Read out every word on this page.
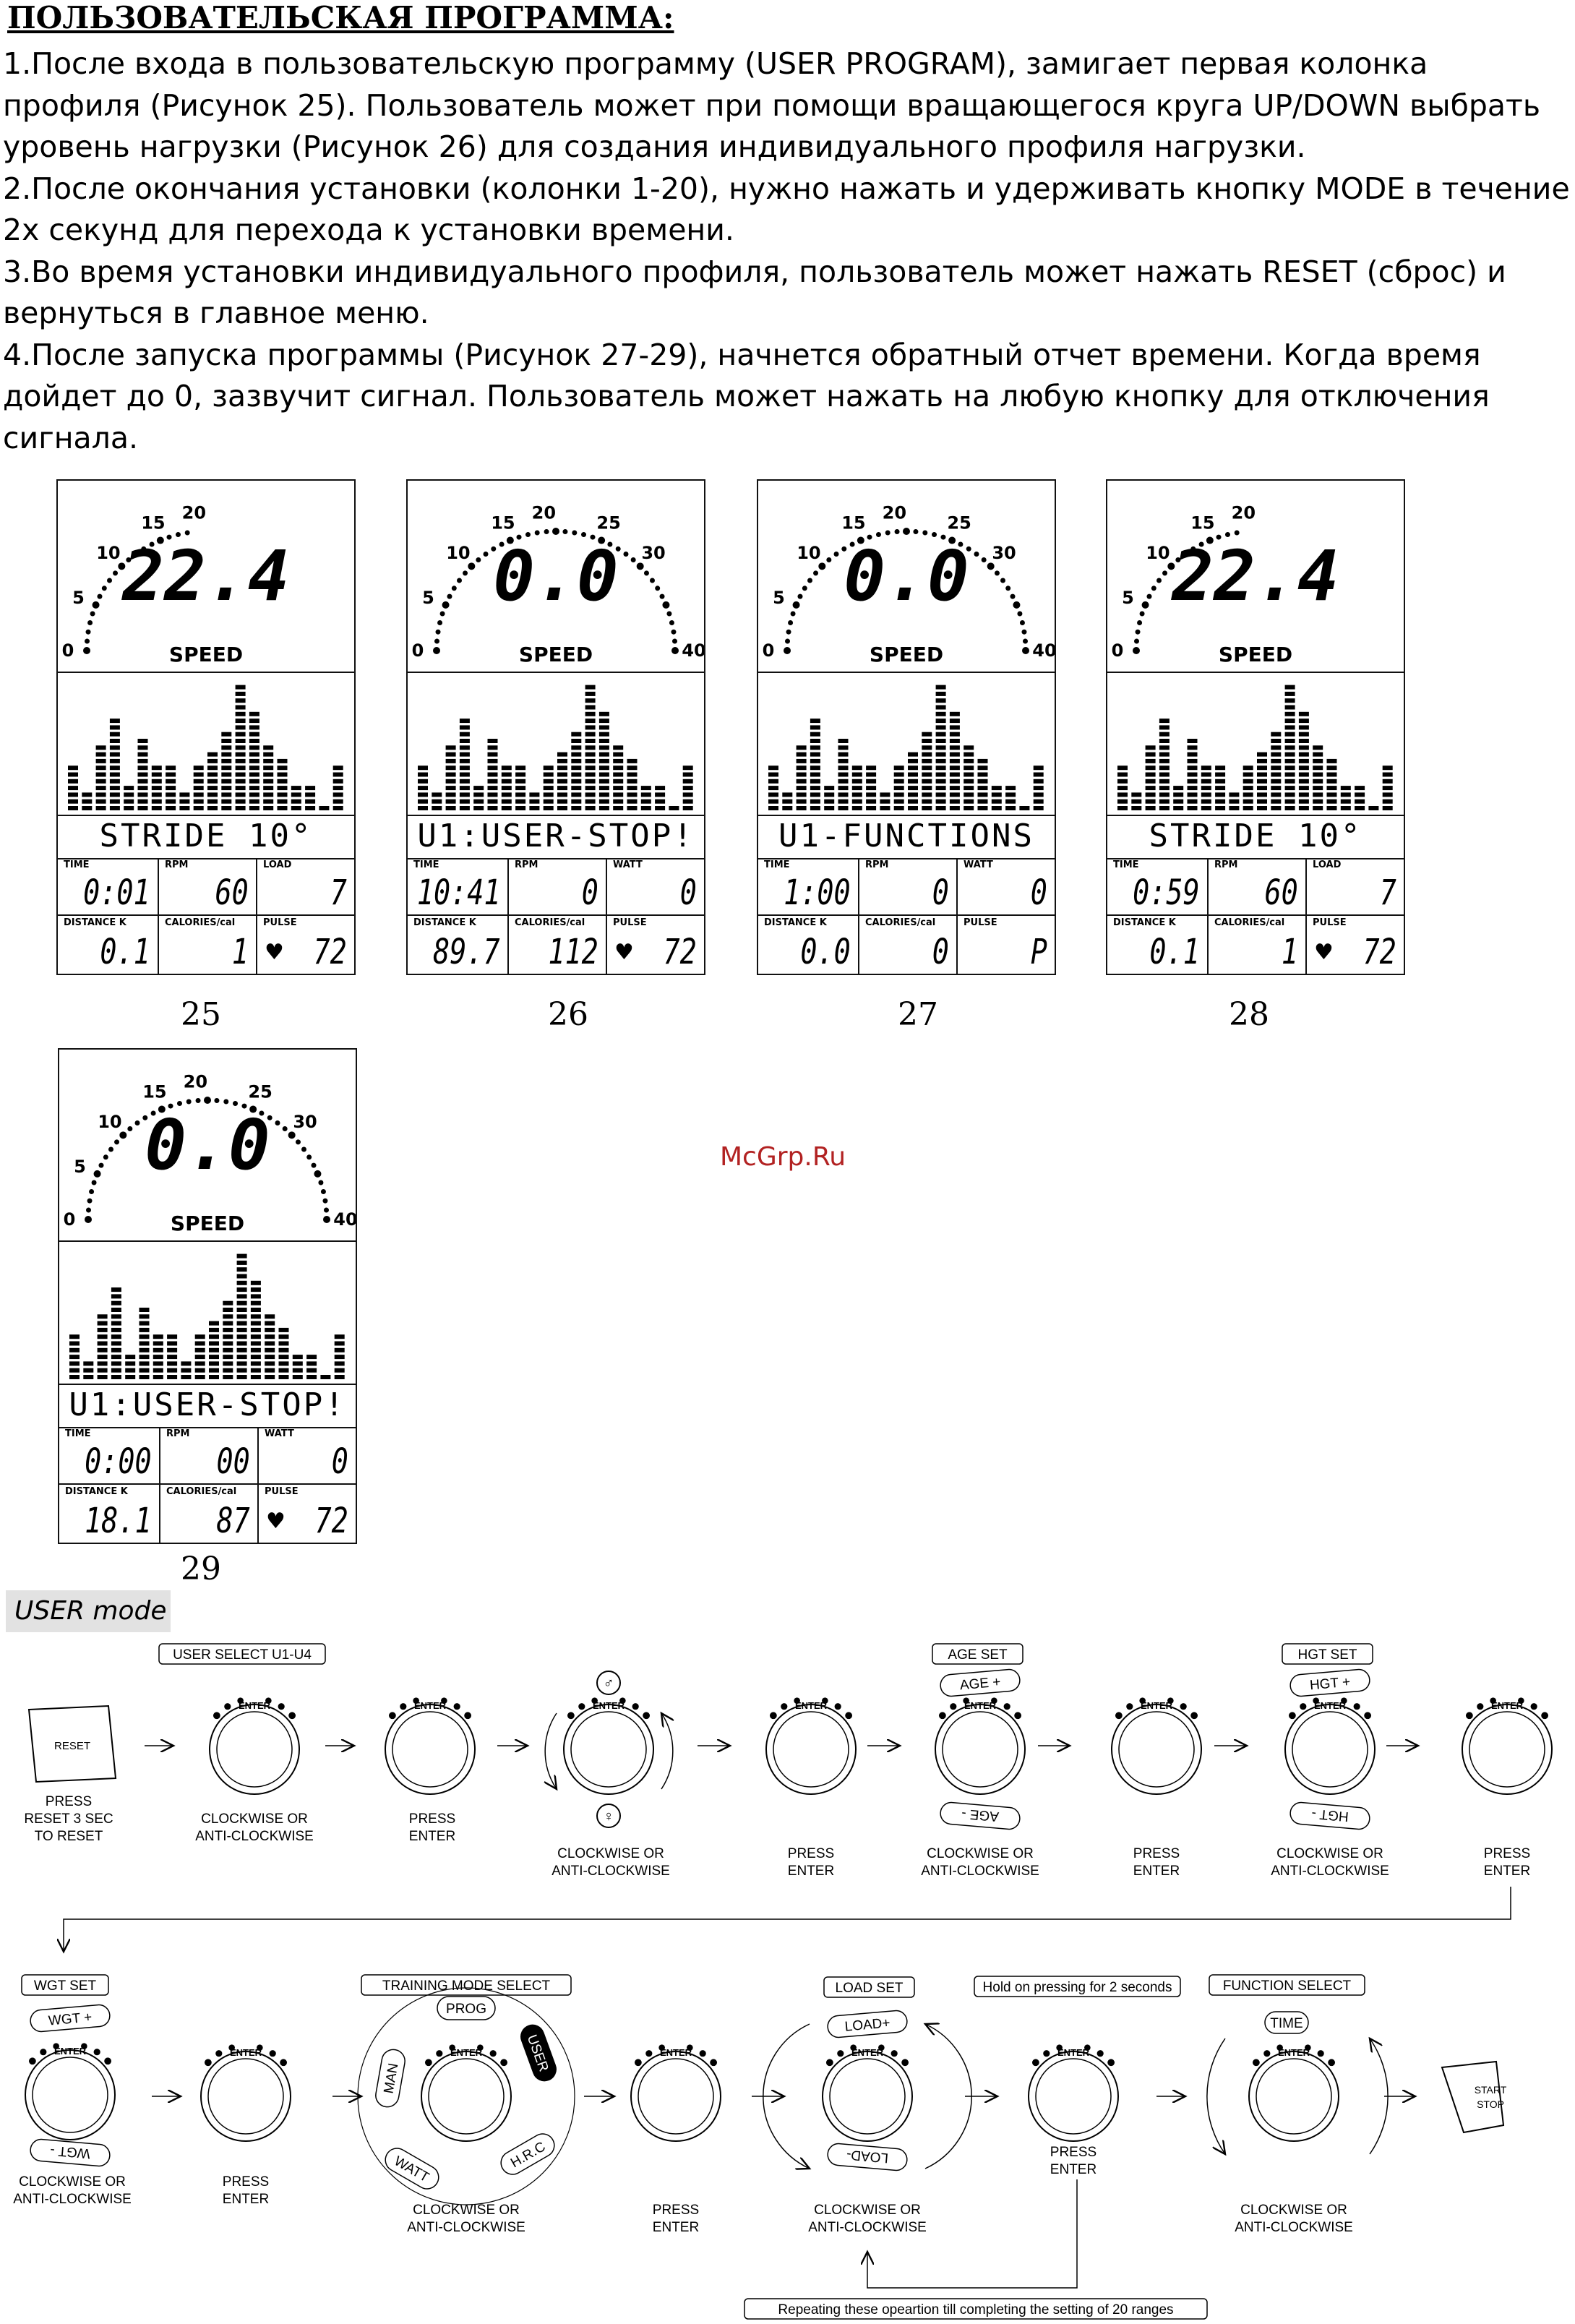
ПОЛЬЗОВАТЕЛЬСКАЯ ПРОГРАММА:

1.После входа в пользовательскую программу (USER PROGRAM), замигает первая колонка профиля (Рисунок 25). Пользователь может при помощи вращающегося круга UP/DOWN выбрать уровень нагрузки (Рисунок 26) для создания индивидуального профиля нагрузки.

2.После окончания установки (колонки 1-20), нужно нажать и удерживать кнопку MODE в течение 2х секунд для перехода к установки времени.

3.Во время установки индивидуального профиля, пользователь может нажать RESET (сброс) и вернуться в главное меню.

4.После запуска программы (Рисунок 27-29), начнется обратный отчет времени. Когда время дойдет до 0, зазвучит сигнал. Пользователь может нажать на любую кнопку для отключения сигнала.

0
5
10
15 20
22.4
SPEED
STRIDE 10°
TIME
0:01
RPM
60
LOAD
7
DISTANCE K
0.1
CALORIES/cal
1
PULSE
72
♥
25
0
5
10
15 20 25
30
40
0.0
SPEED
U1:USER-STOP!
TIME
10:41
RPM
0
WATT
0
DISTANCE K
89.7
CALORIES/cal
112
PULSE
72
♥
26
0
5
10
15 20 25
30
40
0.0
SPEED
U1-FUNCTIONS
TIME
1:00
RPM
0
WATT
0
DISTANCE K
0.0
CALORIES/cal
0
PULSE
P
27
0
5
10
15 20
22.4
SPEED
STRIDE 10°
TIME
0:59
RPM
60
LOAD
7
DISTANCE K
0.1
CALORIES/cal
1
PULSE
72
♥
28
0
5
10
15 20 25
30
40
0.0
SPEED
U1:USER-STOP!
TIME
0:00
RPM
00
WATT
0
DISTANCE K
18.1
CALORIES/cal
87
PULSE
72
♥
29
McGrp.Ru
USER mode
RESET
PRESS
RESET 3 SEC
TO RESET
USER SELECT U1-U4
ENTER
CLOCKWISE OR
ANTI-CLOCKWISE
ENTER
PRESS
ENTER
ENTER
♂
♀
CLOCKWISE OR
ANTI-CLOCKWISE
ENTER
PRESS
ENTER
AGE SET
ENTER
AGE +
AGE -
CLOCKWISE OR
ANTI-CLOCKWISE
ENTER
PRESS
ENTER
HGT SET
ENTER
HGT +
HGT -
CLOCKWISE OR
ANTI-CLOCKWISE
ENTER
PRESS
ENTER
WGT SET
ENTER
WGT +
WGT -
CLOCKWISE OR
ANTI-CLOCKWISE
ENTER
PRESS
ENTER
TRAINING MODE SELECT
ENTER
PROG
USER
H.R.C
WATT
MAN
CLOCKWISE OR
ANTI-CLOCKWISE
ENTER
PRESS
ENTER
LOAD SET
ENTER
LOAD+
LOAD-
CLOCKWISE OR
ANTI-CLOCKWISE
Hold on pressing for 2 seconds
ENTER
PRESS
ENTER
FUNCTION SELECT
ENTER
TIME
CLOCKWISE OR
ANTI-CLOCKWISE
START
STOP
Repeating these opeartion till completing the setting of 20 ranges
